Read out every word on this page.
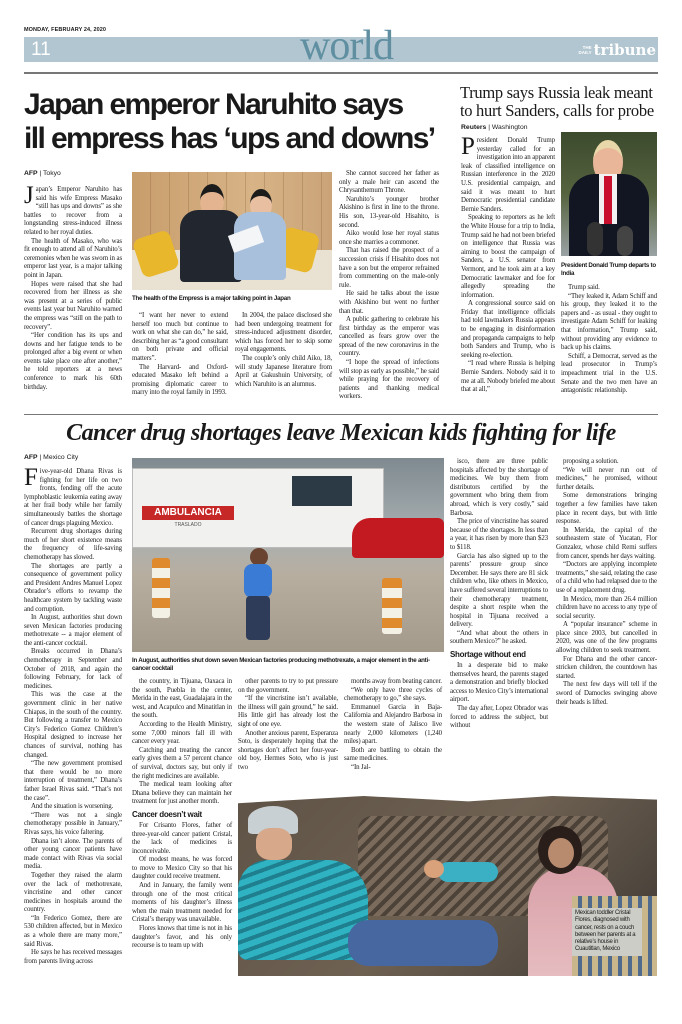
MONDAY, FEBRUARY 24, 2020
11	world	THE DAILY tribune
Japan emperor Naruhito says
ill empress has ‘ups and downs’
AFP | Tokyo

Japan’s Emperor Naruhito has said his wife Empress Masako “still has ups and downs” as she battles to recover from a longstanding stress-induced illness related to her royal duties.

The health of Masako, who was fit enough to attend all of Naruhito’s ceremonies when he was sworn in as emperor last year, is a major talking point in Japan.

Hopes were raised that she had recovered from her illness as she was present at a series of public events last year but Naruhito warned the empress was “still on the path to recovery”.

“Her condition has its ups and downs and her fatigue tends to be prolonged after a big event or when events take place one after another,” he told reporters at a news conference to mark his 60th birthday.

The health of the Empress is a major talking point in Japan

“I want her never to extend herself too much but continue to work on what she can do,” he said, describing her as “a good consultant on both private and official matters”.

The Harvard- and Oxford-educated Masako left behind a promising diplomatic career to marry into the royal family in 1993.

In 2004, the palace disclosed she had been undergoing treatment for stress-induced adjustment disorder, which has forced her to skip some royal engagements.

The couple’s only child Aiko, 18, will study Japanese literature from April at Gakushuin University, of which Naruhito is an alumnus.

She cannot succeed her father as only a male heir can ascend the Chrysanthemum Throne.

Naruhito’s younger brother Akishino is first in line to the throne. His son, 13-year-old Hisahito, is second.

Aiko would lose her royal status once she marries a commoner.

That has raised the prospect of a succession crisis if Hisahito does not have a son but the emperor refrained from commenting on the male-only rule.

He said he talks about the issue with Akishino but went no further than that.

A public gathering to celebrate his first birthday as the emperor was cancelled as fears grow over the spread of the new coronavirus in the country.

“I hope the spread of infections will stop as early as possible,” he said while praying for the recovery of patients and thanking medical workers.

Trump says Russia leak meant to hurt Sanders, calls for probe
Reuters | Washington

President Donald Trump yesterday called for an investigation into an apparent leak of classified intelligence on Russian interference in the 2020 U.S. presidential campaign, and said it was meant to hurt Democratic presidential candidate Bernie Sanders.

Speaking to reporters as he left the White House for a trip to India, Trump said he had not been briefed on intelligence that Russia was aiming to boost the campaign of Sanders, a U.S. senator from Vermont, and he took aim at a key Democratic lawmaker and foe for allegedly spreading the information.

A congressional source said on Friday that intelligence officials had told lawmakers Russia appears to be engaging in disinformation and propaganda campaigns to help both Sanders and Trump, who is seeking re-election.

“I read where Russia is helping Bernie Sanders. Nobody said it to me at all. Nobody briefed me about that at all,”

President Donald Trump departs to India

Trump said.

“They leaked it, Adam Schiff and his group, they leaked it to the papers and - as usual - they ought to investigate Adam Schiff for leaking that information,” Trump said, without providing any evidence to back up his claims.

Schiff, a Democrat, served as the lead prosecutor in Trump’s impeachment trial in the U.S. Senate and the two men have an antagonistic relationship.

Cancer drug shortages leave Mexican kids fighting for life
AFP | Mexico City

Five-year-old Dhana Rivas is fighting for her life on two fronts, fending off the acute lymphoblastic leukemia eating away at her frail body while her family simultaneously battles the shortage of cancer drugs plaguing Mexico.

Recurrent drug shortages during much of her short existence means the frequency of life-saving chemotherapy has slowed.

The shortages are partly a consequence of government policy and President Andres Manuel Lopez Obrador’s efforts to revamp the healthcare system by tackling waste and corruption.

In August, authorities shut down seven Mexican factories producing methotrexate -- a major element of the anti-cancer cocktail.

Breaks occurred in Dhana’s chemotherapy in September and October of 2018, and again the following February, for lack of medicines.

This was the case at the government clinic in her native Chiapas, in the south of the country. But following a transfer to Mexico City’s Federico Gomez Children’s Hospital designed to increase her chances of survival, nothing has changed.

“The new government promised that there would be no more interruption of treatment,” Dhana’s father Israel Rivas said. “That’s not the case”.

And the situation is worsening.

“There was not a single chemotherapy possible in January,” Rivas says, his voice faltering.

Dhana isn’t alone. The parents of other young cancer patients have made contact with Rivas via social media.

Together they raised the alarm over the lack of methotrexate, vincristine and other cancer medicines in hospitals around the country.

“In Federico Gomez, there are 530 children affected, but in Mexico as a whole there are many more,” said Rivas.

He says he has received messages from parents living across

AMBULANCIA
TRASLADO
In August, authorities shut down seven Mexican factories producing methotrexate, a major element in the anti-cancer cocktail

the country, in Tijuana, Oaxaca in the south, Puebla in the center, Merida in the east, Guadalajara in the west, and Acapulco and Minatitlan in the south.

According to the Health Ministry, some 7,000 minors fall ill with cancer every year.

Catching and treating the cancer early gives them a 57 percent chance of survival, doctors say, but only if the right medicines are available.

The medical team looking after Dhana believe they can maintain her treatment for just another month.

Cancer doesn’t wait

For Crisanto Flores, father of three-year-old cancer patient Cristal, the lack of medicines is inconceivable.

Of modest means, he was forced to move to Mexico City so that his daughter could receive treatment.

And in January, the family went through one of the most critical moments of his daughter’s illness when the main treatment needed for Cristal’s therapy was unavailable.

Flores knows that time is not in his daughter’s favor, and his only recourse is to team up with

other parents to try to put pressure on the government.

“If the vincristine isn’t available, the illness will gain ground,” he said. His little girl has already lost the sight of one eye.

Another anxious parent, Esperanza Soto, is desperately hoping that the shortages don’t affect her four-year-old boy, Hermes Soto, who is just two

months away from beating cancer.

“We only have three cycles of chemotherapy to go,” she says.

Emmanuel Garcia in Baja-California and Alejandro Barbosa in the western state of Jalisco live nearly 2,000 kilometers (1,240 miles) apart.

Both are battling to obtain the same medicines.

“In Jal-

isco, there are three public hospitals affected by the shortage of medicines. We buy them from distributors certified by the government who bring them from abroad, which is very costly,” said Barbosa.

The price of vincristine has soared because of the shortages. In less than a year, it has risen by more than $23 to $118.

Garcia has also signed up to the parents’ pressure group since December. He says there are 81 sick children who, like others in Mexico, have suffered several interruptions to their chemotherapy treatment, despite a short respite when the hospital in Tijuana received a delivery.

“And what about the others in southern Mexico?” he asked.

Shortage without end

In a desperate bid to make themselves heard, the parents staged a demonstration and briefly blocked access to Mexico City’s international airport.

The day after, Lopez Obrador was forced to address the subject, but without

proposing a solution.

“We will never run out of medicines,” he promised, without further details.

Some demonstrations bringing together a few families have taken place in recent days, but with little response.

In Merida, the capital of the southeastern state of Yucatan, Flor Gonzalez, whose child Remi suffers from cancer, spends her days waiting.

“Doctors are applying incomplete treatments,” she said, relating the case of a child who had relapsed due to the use of a replacement drug.

In Mexico, more than 26.4 million children have no access to any type of social security.

A “popular insurance” scheme in place since 2003, but cancelled in 2020, was one of the few programs allowing children to seek treatment.

For Dhana and the other cancer-stricken children, the countdown has started.

The next few days will tell if the sword of Damocles swinging above their heads is lifted.

Mexican toddler Cristal Flores, diagnosed with cancer, rests on a couch between her parents at a relative’s house in Cuautitlan, Mexico
